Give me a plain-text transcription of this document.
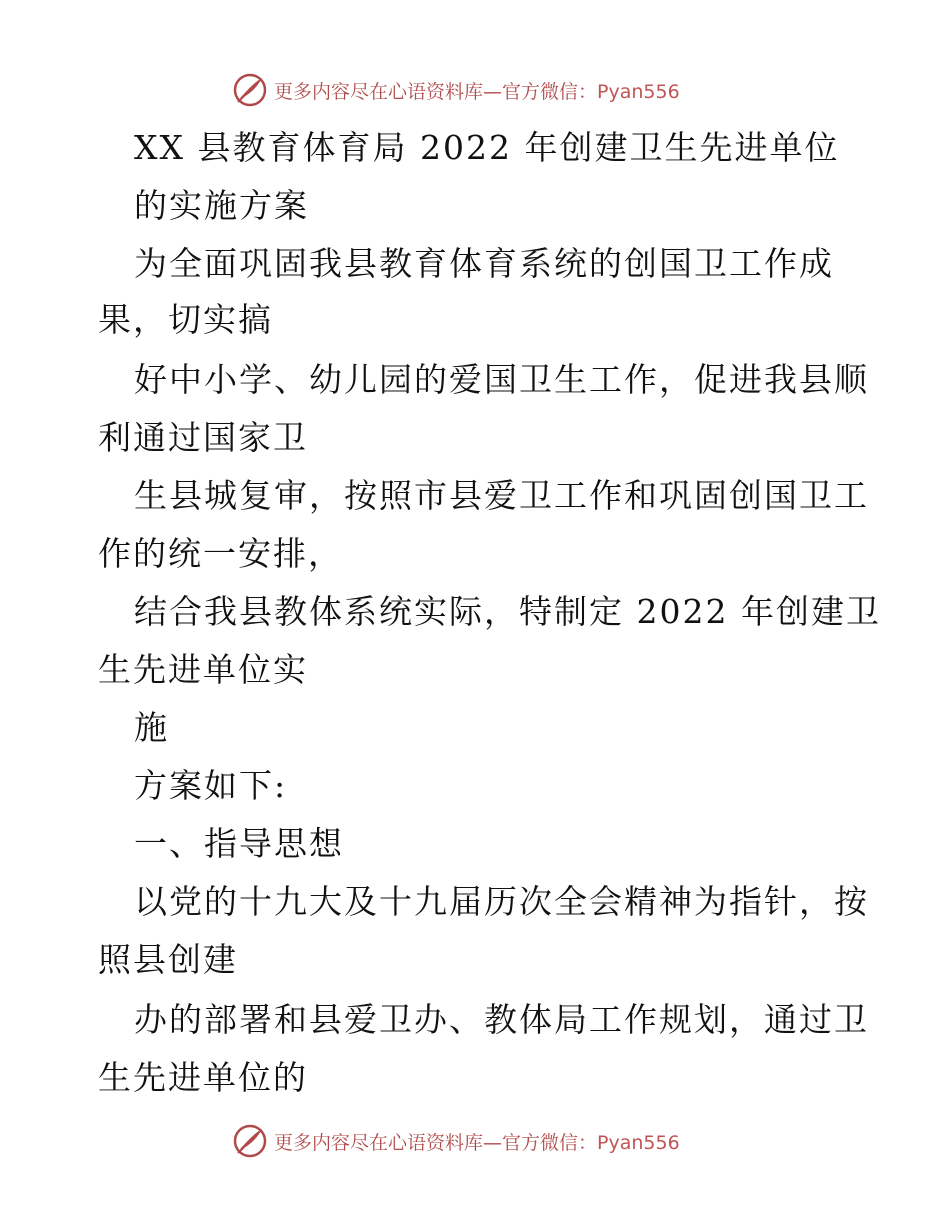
更多内容尽在心语资料库—官方微信：Pyan556
XX 县教育体育局 2022 年创建卫生先进单位
的实施方案
为全面巩固我县教育体育系统的创国卫工作成
果，切实搞
好中小学、幼儿园的爱国卫生工作，促进我县顺
利通过国家卫
生县城复审，按照市县爱卫工作和巩固创国卫工
作的统一安排，
结合我县教体系统实际，特制定 2022 年创建卫
生先进单位实
施
方案如下:
一、指导思想
以党的十九大及十九届历次全会精神为指针，按
照县创建
办的部署和县爱卫办、教体局工作规划，通过卫
生先进单位的
更多内容尽在心语资料库—官方微信：Pyan556
